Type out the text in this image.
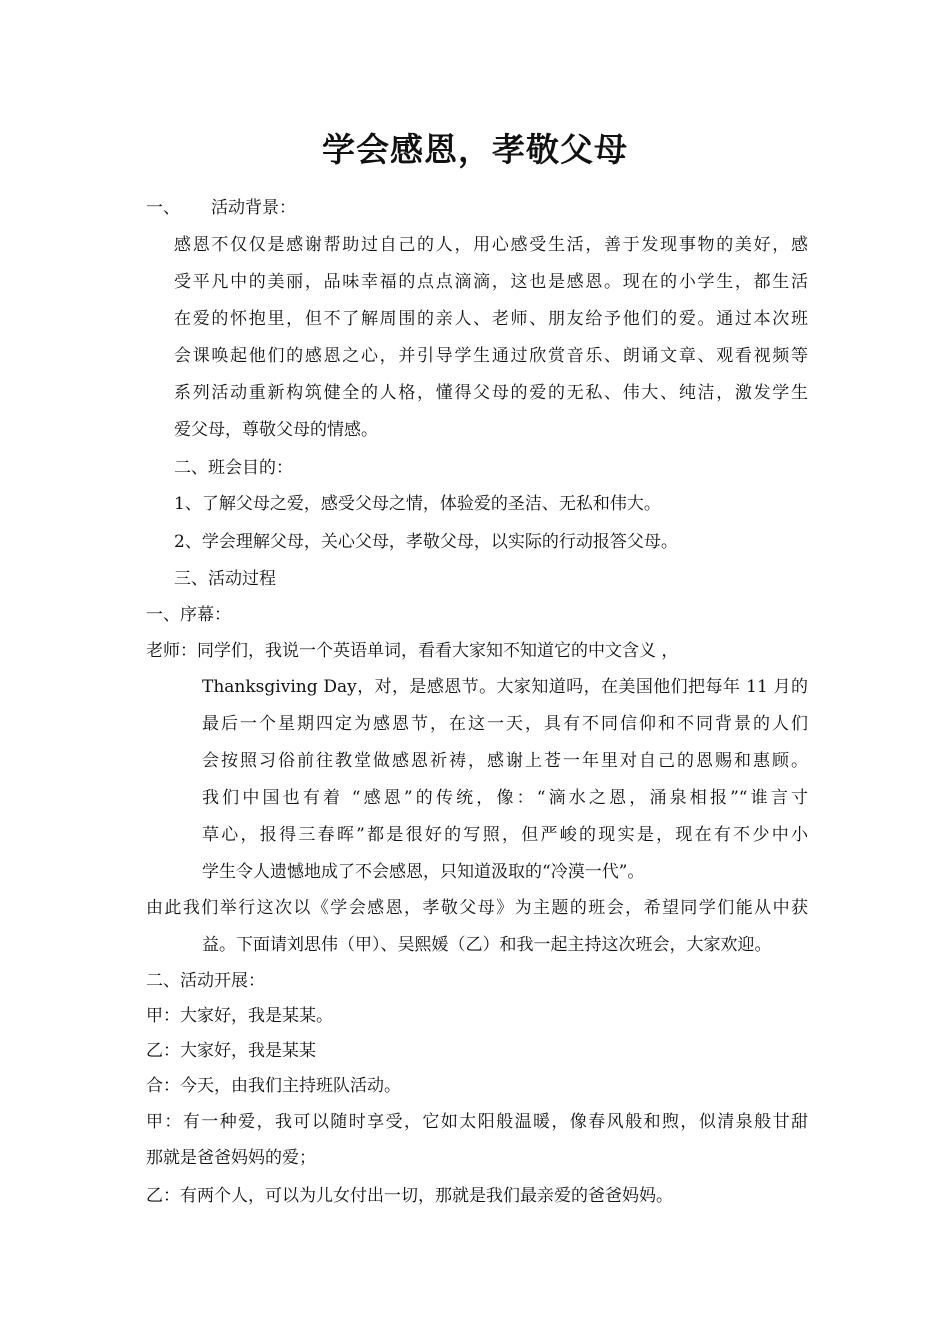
学会感恩，孝敬父母
一、 活动背景：
感恩不仅仅是感谢帮助过自己的人，用心感受生活，善于发现事物的美好，感
受平凡中的美丽，品味幸福的点点滴滴，这也是感恩。现在的小学生，都生活
在爱的怀抱里，但不了解周围的亲人、老师、朋友给予他们的爱。通过本次班
会课唤起他们的感恩之心，并引导学生通过欣赏音乐、朗诵文章、观看视频等
系列活动重新构筑健全的人格，懂得父母的爱的无私、伟大、纯洁，激发学生
爱父母，尊敬父母的情感。
二、班会目的：
1、了解父母之爱，感受父母之情，体验爱的圣洁、无私和伟大。
2、学会理解父母，关心父母，孝敬父母，以实际的行动报答父母。
三、活动过程
一、序幕：
老师：同学们，我说一个英语单词，看看大家知不知道它的中文含义 ，
Thanksgiving Day，对，是感恩节。大家知道吗，在美国他们把每年 11 月的
最后一个星期四定为感恩节，在这一天，具有不同信仰和不同背景的人们
会按照习俗前往教堂做感恩祈祷，感谢上苍一年里对自己的恩赐和惠顾。
我们中国也有着 “感恩”的传统，像：“滴水之恩，涌泉相报”“谁言寸
草心，报得三春晖”都是很好的写照，但严峻的现实是，现在有不少中小
学生令人遗憾地成了不会感恩，只知道汲取的“冷漠一代”。
由此我们举行这次以《学会感恩，孝敬父母》为主题的班会，希望同学们能从中获
益。下面请刘思伟（甲）、吴熙媛（乙）和我一起主持这次班会，大家欢迎。
二、活动开展：
甲：大家好，我是某某。
乙：大家好，我是某某
合：今天，由我们主持班队活动。
甲：有一种爱，我可以随时享受，它如太阳般温暖，像春风般和煦，似清泉般甘甜
那就是爸爸妈妈的爱；
乙：有两个人，可以为儿女付出一切，那就是我们最亲爱的爸爸妈妈。
